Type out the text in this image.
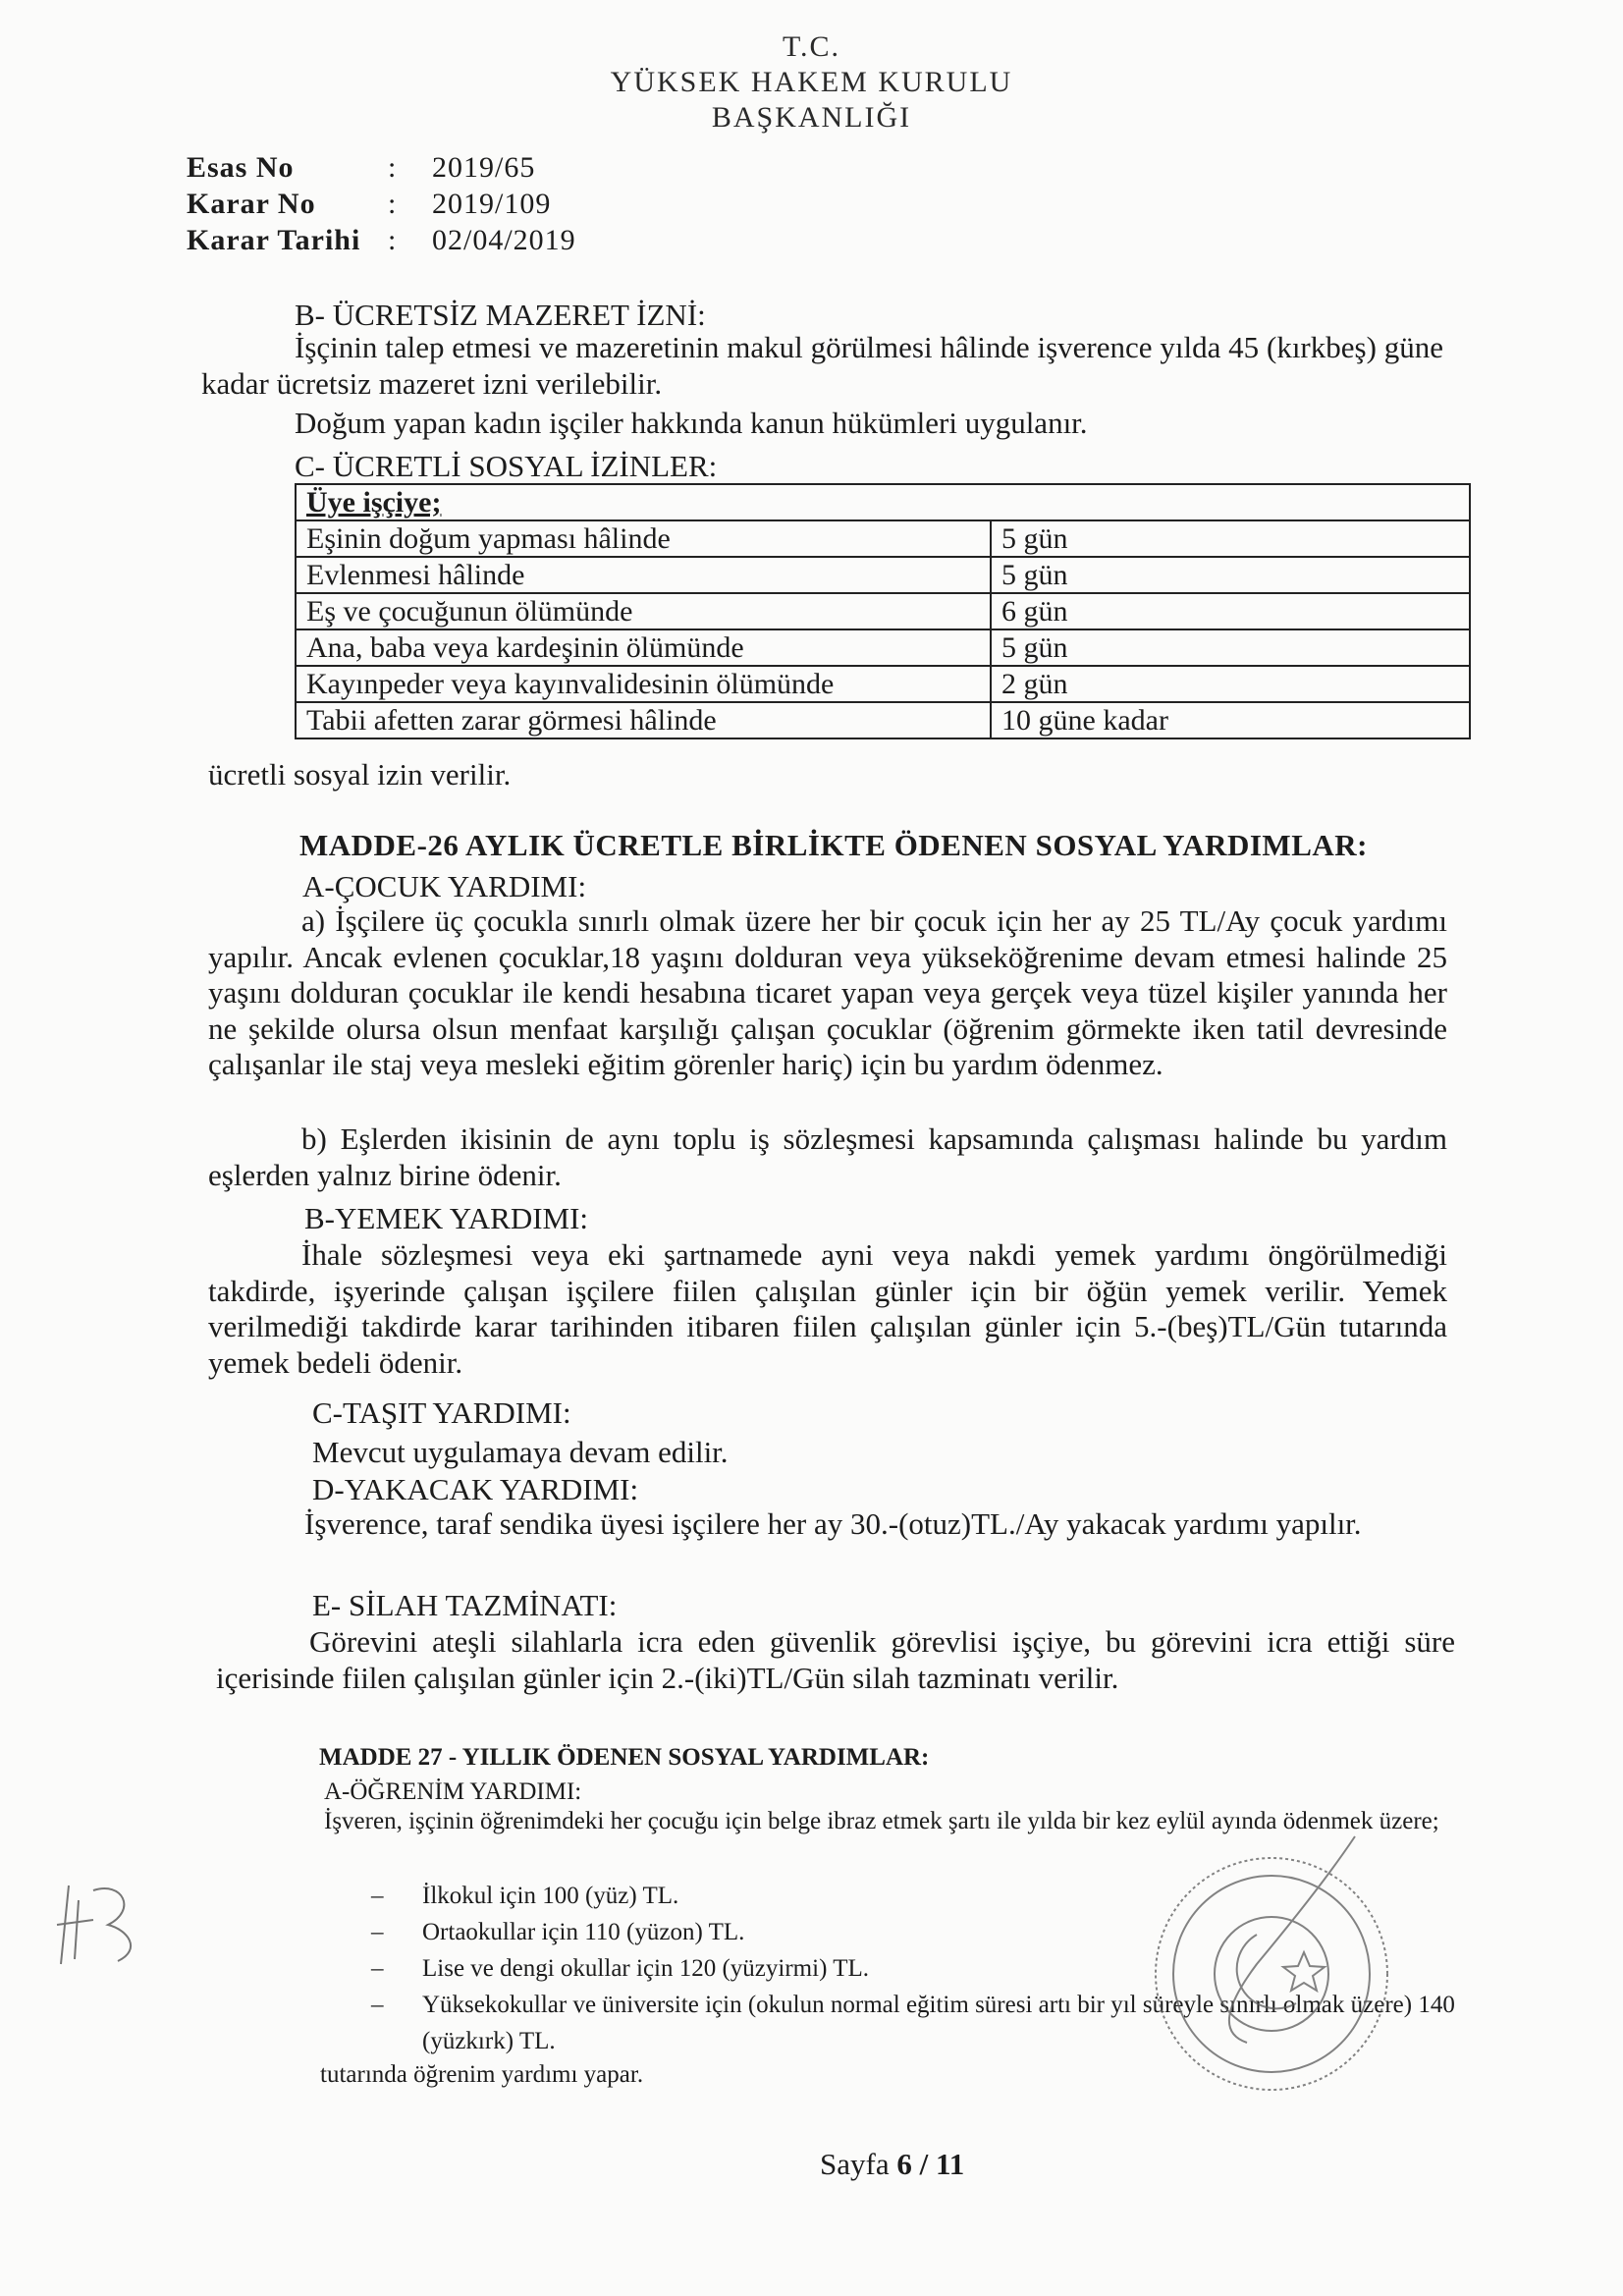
T.C.
YÜKSEK HAKEM KURULU
BAŞKANLIĞI
Esas No	:	2019/65
Karar No	:	2019/109
Karar Tarihi :	02/04/2019
B- ÜCRETSİZ MAZERET İZNİ:
İşçinin talep etmesi ve mazeretinin makul görülmesi hâlinde işverence yılda 45 (kırkbeş) güne kadar ücretsiz mazeret izni verilebilir.
Doğum yapan kadın işçiler hakkında kanun hükümleri uygulanır.
C- ÜCRETLİ SOSYAL İZİNLER:
Üye işçiye;	
Eşinin doğum yapması hâlinde	5 gün
Evlenmesi hâlinde	5 gün
Eş ve çocuğunun ölümünde	6 gün
Ana, baba veya kardeşinin ölümünde	5 gün
Kayınpeder veya kayınvalidesinin ölümünde	2 gün
Tabii afetten zarar görmesi hâlinde	10 güne kadar
ücretli sosyal izin verilir.
MADDE-26 AYLIK ÜCRETLE BİRLİKTE ÖDENEN SOSYAL YARDIMLAR:
A-ÇOCUK YARDIMI:
a) İşçilere üç çocukla sınırlı olmak üzere her bir çocuk için her ay 25 TL/Ay çocuk yardımı yapılır. Ancak evlenen çocuklar,18 yaşını dolduran veya yükseköğrenime devam etmesi halinde 25 yaşını dolduran çocuklar ile kendi hesabına ticaret yapan veya gerçek veya tüzel kişiler yanında her ne şekilde olursa olsun menfaat karşılığı çalışan çocuklar (öğrenim görmekte iken tatil devresinde çalışanlar ile staj veya mesleki eğitim görenler hariç) için bu yardım ödenmez.
b) Eşlerden ikisinin de aynı toplu iş sözleşmesi kapsamında çalışması halinde bu yardım eşlerden yalnız birine ödenir.
B-YEMEK YARDIMI:
İhale sözleşmesi veya eki şartnamede ayni veya nakdi yemek yardımı öngörülmediği takdirde, işyerinde çalışan işçilere fiilen çalışılan günler için bir öğün yemek verilir. Yemek verilmediği takdirde karar tarihinden itibaren fiilen çalışılan günler için 5.-(beş)TL/Gün tutarında yemek bedeli ödenir.
C-TAŞIT YARDIMI:
Mevcut uygulamaya devam edilir.
D-YAKACAK YARDIMI:
İşverence, taraf sendika üyesi işçilere her ay 30.-(otuz)TL./Ay yakacak yardımı yapılır.
E- SİLAH TAZMİNATI:
Görevini ateşli silahlarla icra eden güvenlik görevlisi işçiye, bu görevini icra ettiği süre içerisinde fiilen çalışılan günler için 2.-(iki)TL/Gün silah tazminatı verilir.
MADDE 27 - YILLIK ÖDENEN SOSYAL YARDIMLAR:
A-ÖĞRENİM YARDIMI:
İşveren, işçinin öğrenimdeki her çocuğu için belge ibraz etmek şartı ile yılda bir kez eylül ayında ödenmek üzere;
– İlkokul için 100 (yüz) TL.
– Ortaokullar için 110 (yüzon) TL.
– Lise ve dengi okullar için 120 (yüzyirmi) TL.
– Yüksekokullar ve üniversite için (okulun normal eğitim süresi artı bir yıl süreyle sınırlı olmak üzere) 140 (yüzkırk) TL.
tutarında öğrenim yardımı yapar.
Sayfa 6 / 11
